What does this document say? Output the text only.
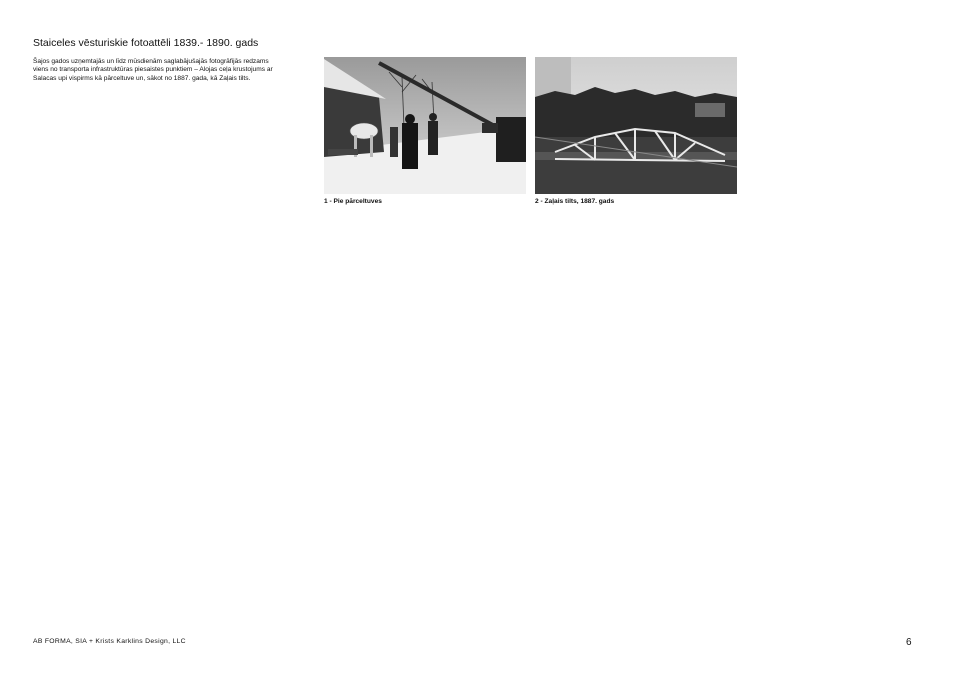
Staiceles vēsturiskie fotoattēli 1839.- 1890. gads
Šajos gados uzņemtajās un līdz mūsdienām saglabājušajās fotogrāfijās redzams viens no transporta infrastruktūras piesaistes punktiem – Alojas ceļa krustojums ar Salacas upi vispirms kā pārceltuve un, sākot no 1887. gada, kā Zaļais tilts.
1 - Pie pārceltuves	2 - Zaļais tilts, 1887. gads
AB FORMA, SIA + Krists Karklins Design, LLC	6
